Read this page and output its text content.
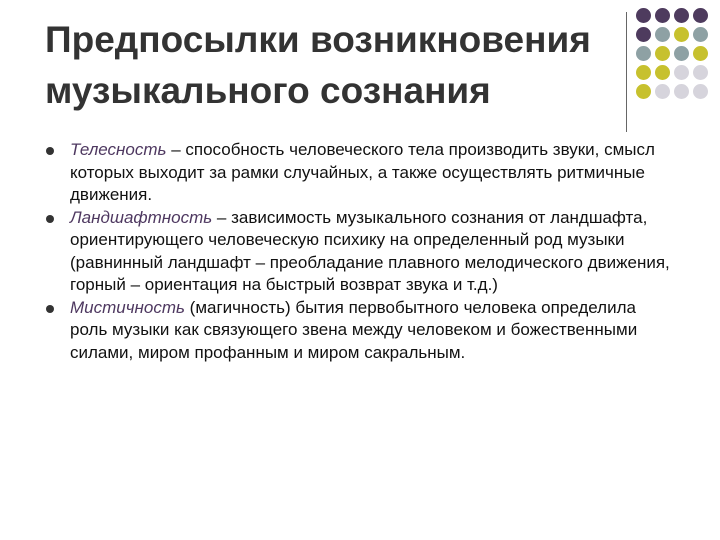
Предпосылки возникновения
музыкального сознания
Телесность – способность человеческого тела производить звуки, смысл которых выходит за рамки случайных, а также осуществлять ритмичные движения.
Ландшафтность – зависимость музыкального сознания от ландшафта, ориентирующего человеческую психику на определенный род музыки (равнинный ландшафт – преобладание плавного мелодического движения, горный – ориентация на быстрый возврат звука и т.д.)
Мистичность (магичность) бытия первобытного человека определила роль музыки как связующего звена между человеком и божественными силами, миром профанным и миром сакральным.
